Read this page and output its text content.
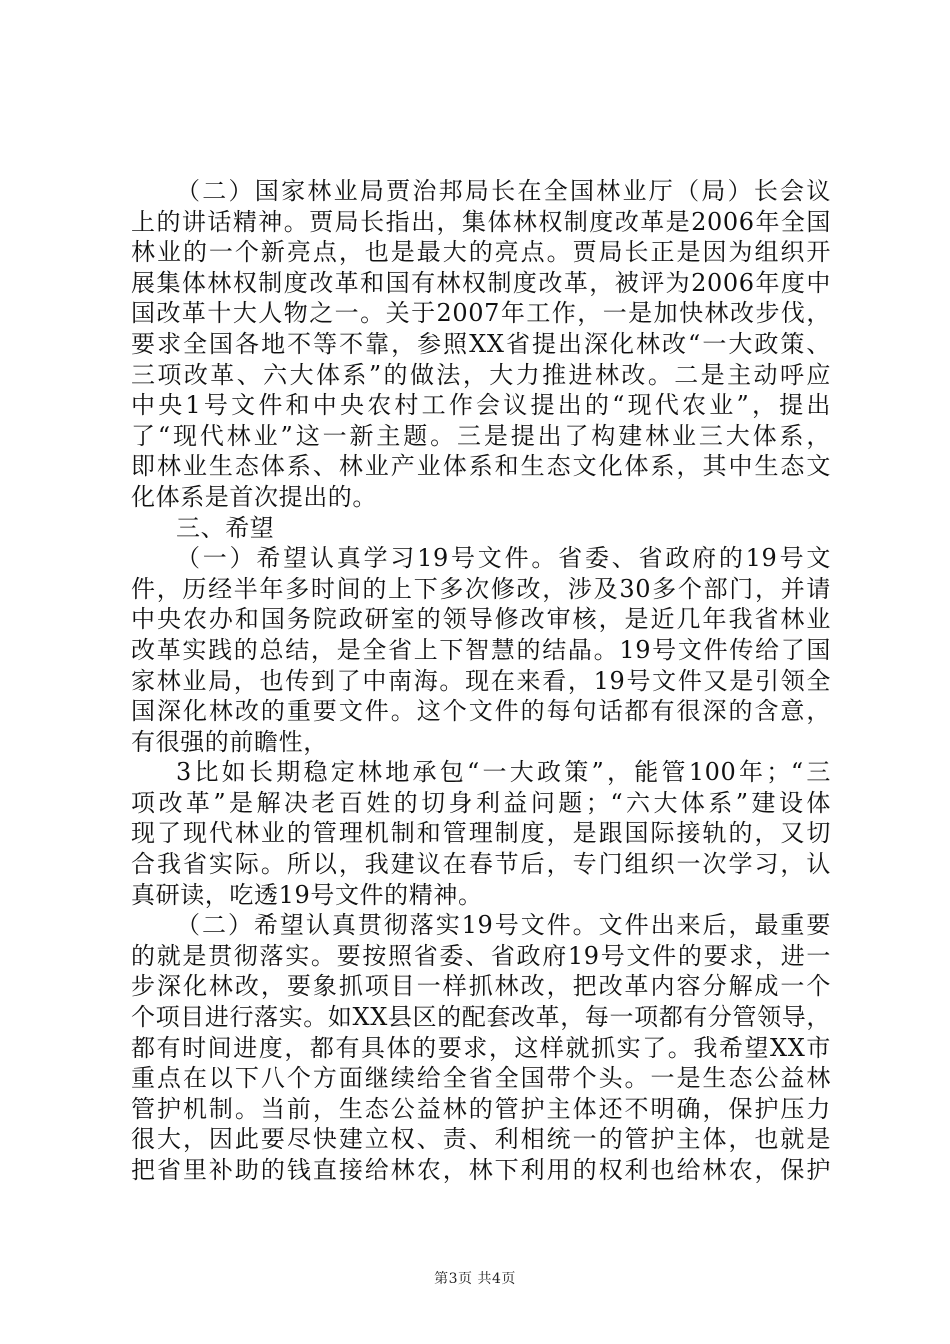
（二）国家林业局贾治邦局长在全国林业厅（局）长会议
上的讲话精神。贾局长指出，集体林权制度改革是2006年全国
林业的一个新亮点，也是最大的亮点。贾局长正是因为组织开
展集体林权制度改革和国有林权制度改革，被评为2006年度中
国改革十大人物之一。关于2007年工作，一是加快林改步伐，
要求全国各地不等不靠，参照XX省提出深化林改“一大政策、
三项改革、六大体系”的做法，大力推进林改。二是主动呼应
中央1号文件和中央农村工作会议提出的“现代农业”，提出
了“现代林业”这一新主题。三是提出了构建林业三大体系，
即林业生态体系、林业产业体系和生态文化体系，其中生态文
化体系是首次提出的。
三、希望
（一）希望认真学习19号文件。省委、省政府的19号文
件，历经半年多时间的上下多次修改，涉及30多个部门，并请
中央农办和国务院政研室的领导修改审核，是近几年我省林业
改革实践的总结，是全省上下智慧的结晶。19号文件传给了国
家林业局，也传到了中南海。现在来看，19号文件又是引领全
国深化林改的重要文件。这个文件的每句话都有很深的含意，
有很强的前瞻性，
3比如长期稳定林地承包“一大政策”，能管100年；“三
项改革”是解决老百姓的切身利益问题；“六大体系”建设体
现了现代林业的管理机制和管理制度，是跟国际接轨的，又切
合我省实际。所以，我建议在春节后，专门组织一次学习，认
真研读，吃透19号文件的精神。
（二）希望认真贯彻落实19号文件。文件出来后，最重要
的就是贯彻落实。要按照省委、省政府19号文件的要求，进一
步深化林改，要象抓项目一样抓林改，把改革内容分解成一个
个项目进行落实。如XX县区的配套改革，每一项都有分管领导，
都有时间进度，都有具体的要求，这样就抓实了。我希望XX市
重点在以下八个方面继续给全省全国带个头。一是生态公益林
管护机制。当前，生态公益林的管护主体还不明确，保护压力
很大，因此要尽快建立权、责、利相统一的管护主体，也就是
把省里补助的钱直接给林农，林下利用的权利也给林农，保护
第3页 共4页
